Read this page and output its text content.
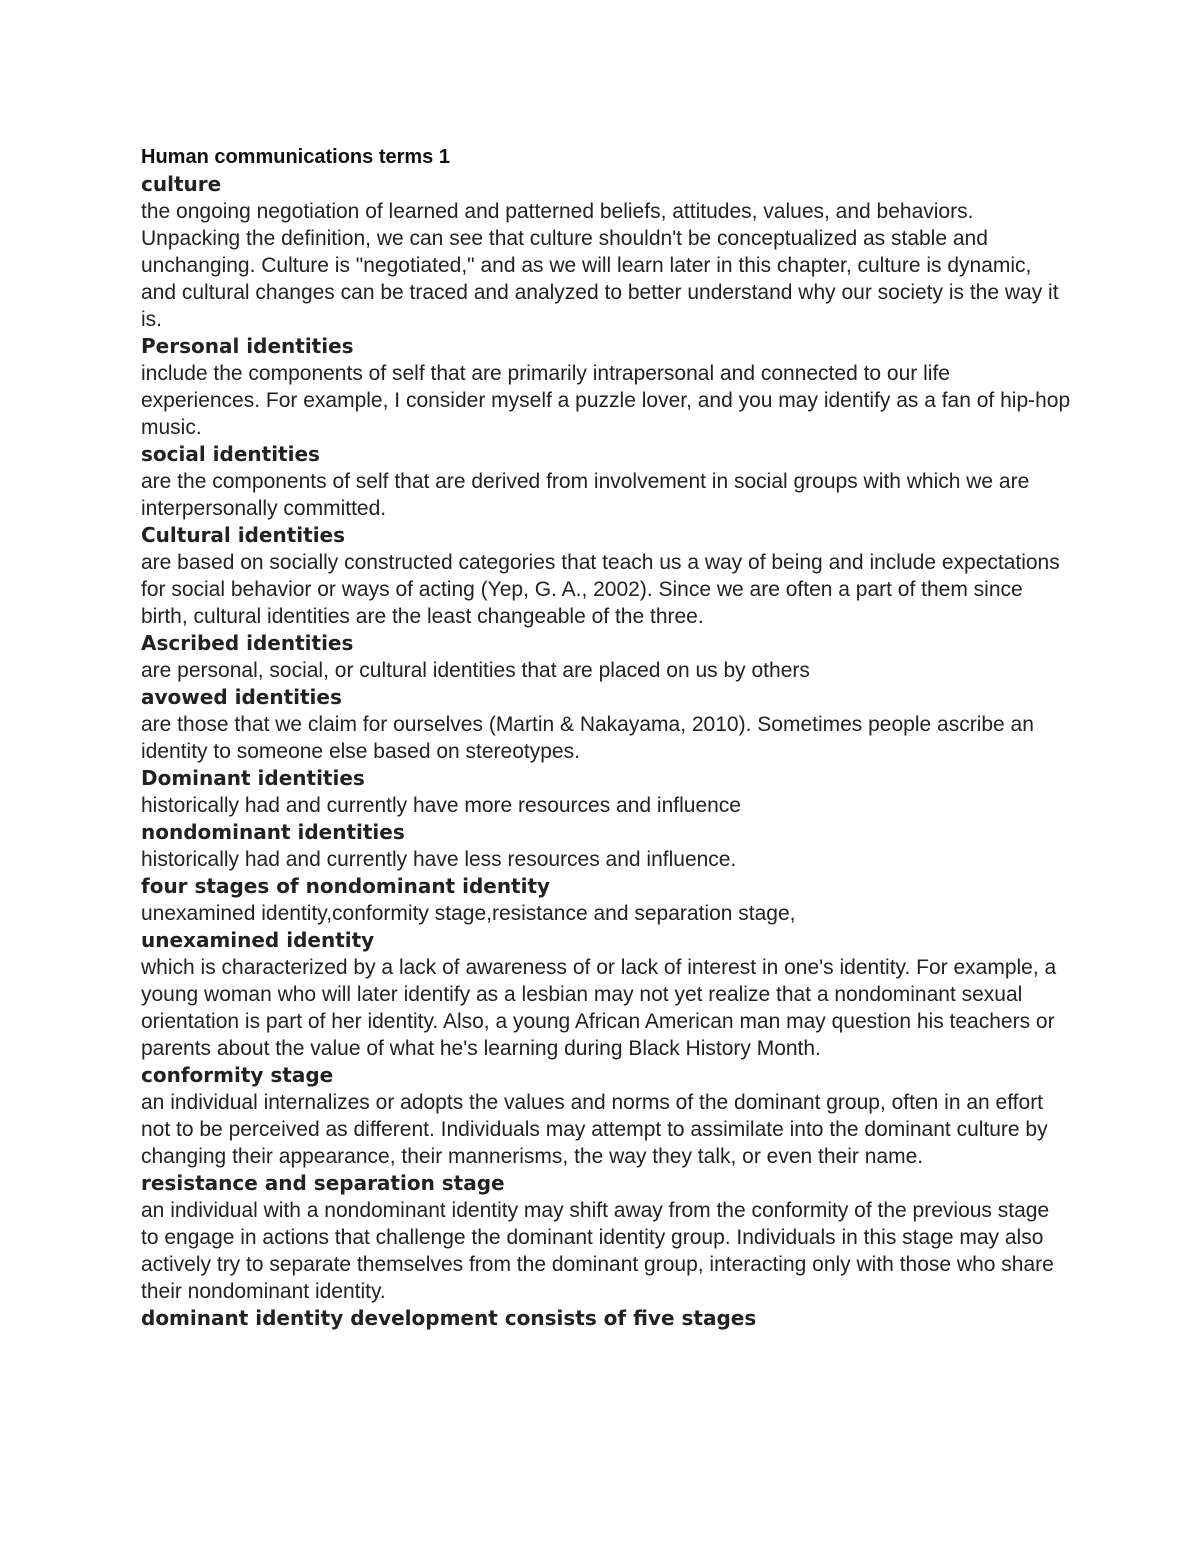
Human communications terms 1

culture

the ongoing negotiation of learned and patterned beliefs, attitudes, values, and behaviors. Unpacking the definition, we can see that culture shouldn't be conceptualized as stable and unchanging. Culture is "negotiated," and as we will learn later in this chapter, culture is dynamic, and cultural changes can be traced and analyzed to better understand why our society is the way it is.

Personal identities

include the components of self that are primarily intrapersonal and connected to our life experiences. For example, I consider myself a puzzle lover, and you may identify as a fan of hip-hop music.

social identities

are the components of self that are derived from involvement in social groups with which we are interpersonally committed.

Cultural identities

are based on socially constructed categories that teach us a way of being and include expectations for social behavior or ways of acting (Yep, G. A., 2002). Since we are often a part of them since birth, cultural identities are the least changeable of the three.

Ascribed identities

are personal, social, or cultural identities that are placed on us by others

avowed identities

are those that we claim for ourselves (Martin & Nakayama, 2010). Sometimes people ascribe an identity to someone else based on stereotypes.

Dominant identities

historically had and currently have more resources and influence

nondominant identities

historically had and currently have less resources and influence.

four stages of nondominant identity

unexamined identity,conformity stage,resistance and separation stage,

unexamined identity

which is characterized by a lack of awareness of or lack of interest in one's identity. For example, a young woman who will later identify as a lesbian may not yet realize that a nondominant sexual orientation is part of her identity. Also, a young African American man may question his teachers or parents about the value of what he's learning during Black History Month.

conformity stage

an individual internalizes or adopts the values and norms of the dominant group, often in an effort not to be perceived as different. Individuals may attempt to assimilate into the dominant culture by changing their appearance, their mannerisms, the way they talk, or even their name.

resistance and separation stage

an individual with a nondominant identity may shift away from the conformity of the previous stage to engage in actions that challenge the dominant identity group. Individuals in this stage may also actively try to separate themselves from the dominant group, interacting only with those who share their nondominant identity.

dominant identity development consists of five stages
